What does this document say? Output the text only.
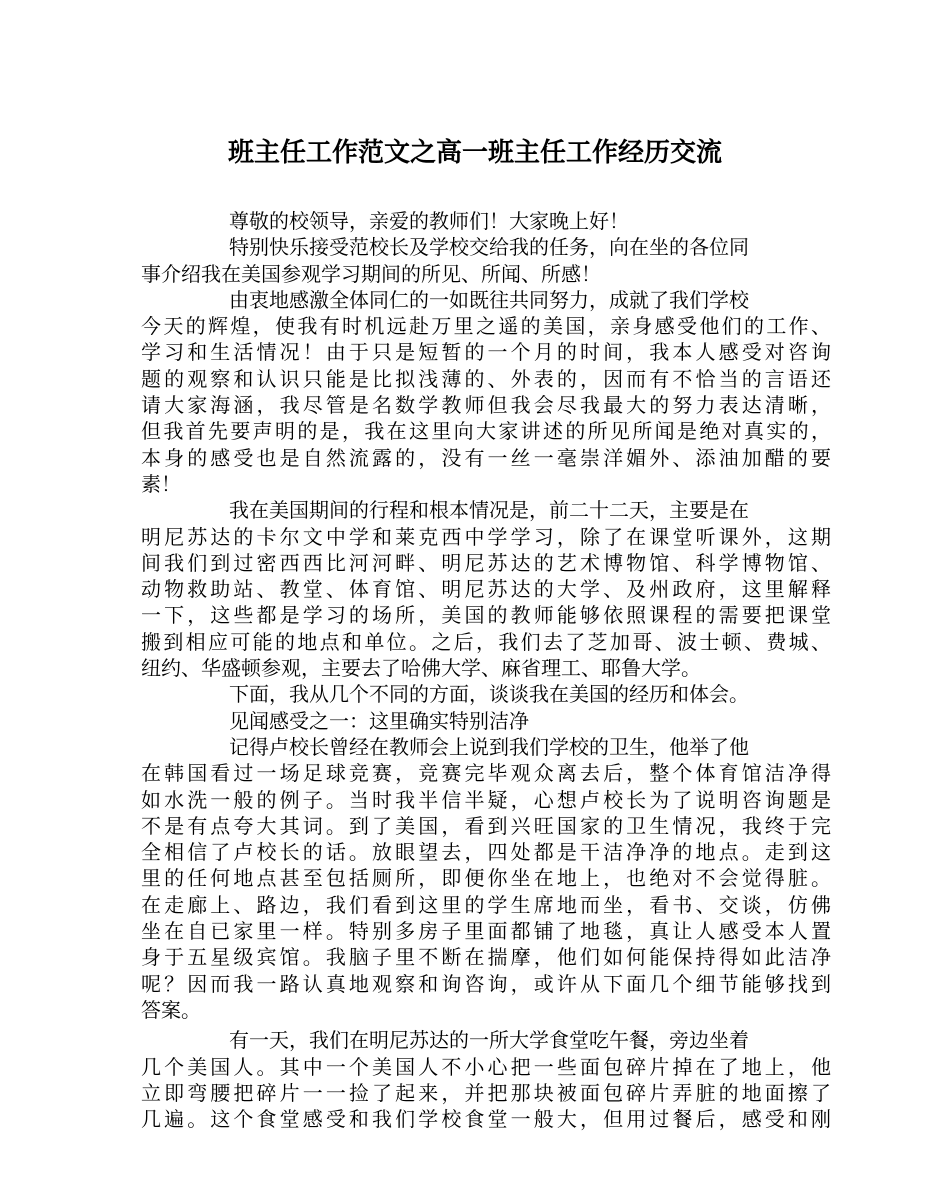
班主任工作范文之高一班主任工作经历交流
尊敬的校领导，亲爱的教师们！大家晚上好！
特别快乐接受范校长及学校交给我的任务，向在坐的各位同
事介绍我在美国参观学习期间的所见、所闻、所感！
由衷地感激全体同仁的一如既往共同努力，成就了我们学校
今天的辉煌，使我有时机远赴万里之遥的美国，亲身感受他们的工作、
学习和生活情况！由于只是短暂的一个月的时间，我本人感受对咨询
题的观察和认识只能是比拟浅薄的、外表的，因而有不恰当的言语还
请大家海涵，我尽管是名数学教师但我会尽我最大的努力表达清晰，
但我首先要声明的是，我在这里向大家讲述的所见所闻是绝对真实的，
本身的感受也是自然流露的，没有一丝一毫崇洋媚外、添油加醋的要
素！
我在美国期间的行程和根本情况是，前二十二天，主要是在
明尼苏达的卡尔文中学和莱克西中学学习，除了在课堂听课外，这期
间我们到过密西西比河河畔、明尼苏达的艺术博物馆、科学博物馆、
动物救助站、教堂、体育馆、明尼苏达的大学、及州政府，这里解释
一下，这些都是学习的场所，美国的教师能够依照课程的需要把课堂
搬到相应可能的地点和单位。之后，我们去了芝加哥、波士顿、费城、
纽约、华盛顿参观，主要去了哈佛大学、麻省理工、耶鲁大学。
下面，我从几个不同的方面，谈谈我在美国的经历和体会。
见闻感受之一：这里确实特别洁净
记得卢校长曾经在教师会上说到我们学校的卫生，他举了他
在韩国看过一场足球竞赛，竞赛完毕观众离去后，整个体育馆洁净得
如水洗一般的例子。当时我半信半疑，心想卢校长为了说明咨询题是
不是有点夸大其词。到了美国，看到兴旺国家的卫生情况，我终于完
全相信了卢校长的话。放眼望去，四处都是干洁净净的地点。走到这
里的任何地点甚至包括厕所，即便你坐在地上，也绝对不会觉得脏。
在走廊上、路边，我们看到这里的学生席地而坐，看书、交谈，仿佛
坐在自已家里一样。特别多房子里面都铺了地毯，真让人感受本人置
身于五星级宾馆。我脑子里不断在揣摩，他们如何能保持得如此洁净
呢？因而我一路认真地观察和询咨询，或许从下面几个细节能够找到
答案。
有一天，我们在明尼苏达的一所大学食堂吃午餐，旁边坐着
几个美国人。其中一个美国人不小心把一些面包碎片掉在了地上，他
立即弯腰把碎片一一捡了起来，并把那块被面包碎片弄脏的地面擦了
几遍。这个食堂感受和我们学校食堂一般大，但用过餐后，感受和刚
